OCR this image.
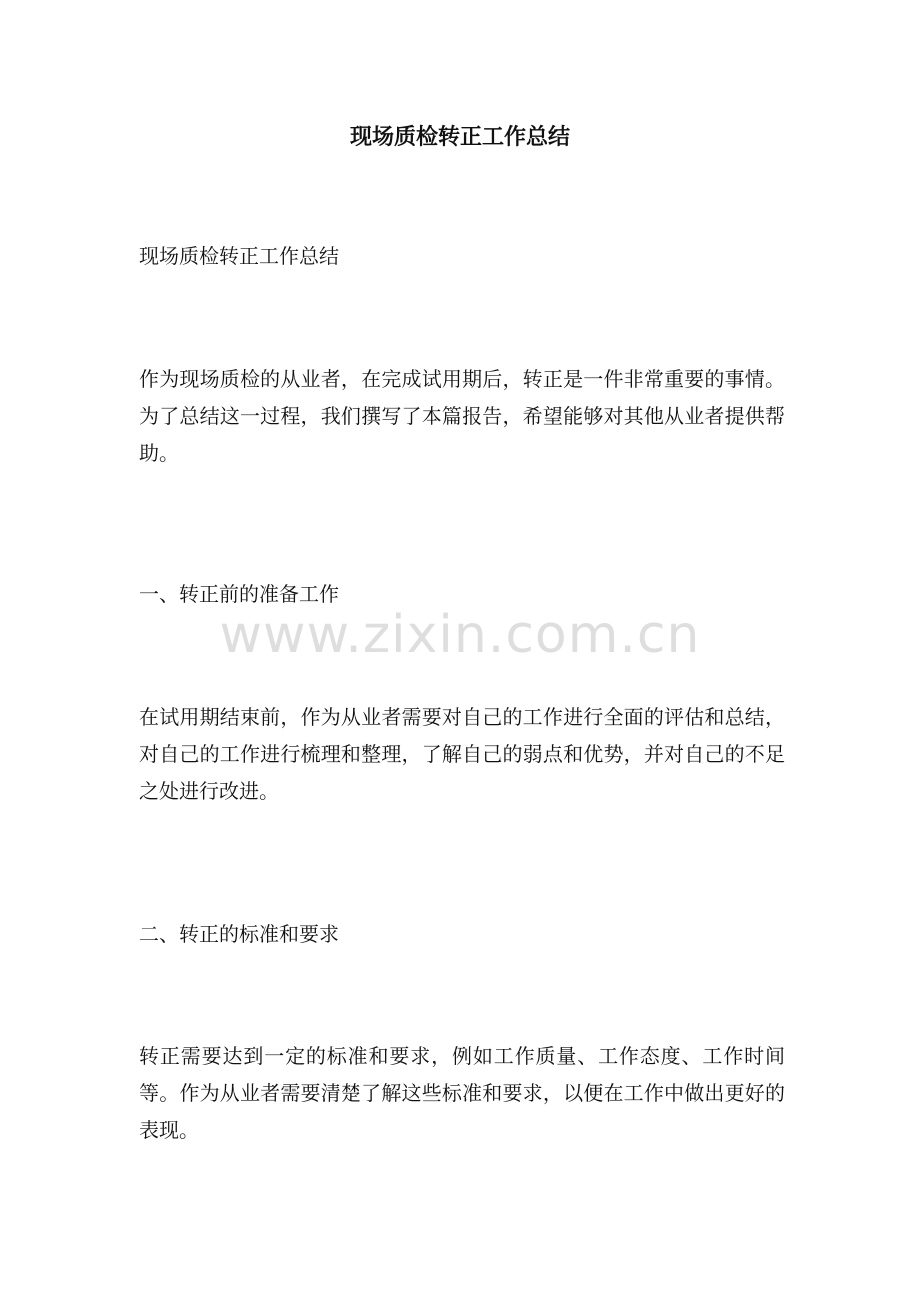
现场质检转正工作总结

现场质检转正工作总结

作为现场质检的从业者，在完成试用期后，转正是一件非常重要的事情。为了总结这一过程，我们撰写了本篇报告，希望能够对其他从业者提供帮助。

一、转正前的准备工作

www.zixin.com.cn

在试用期结束前，作为从业者需要对自己的工作进行全面的评估和总结，对自己的工作进行梳理和整理，了解自己的弱点和优势，并对自己的不足之处进行改进。

二、转正的标准和要求

转正需要达到一定的标准和要求，例如工作质量、工作态度、工作时间等。作为从业者需要清楚了解这些标准和要求，以便在工作中做出更好的表现。
